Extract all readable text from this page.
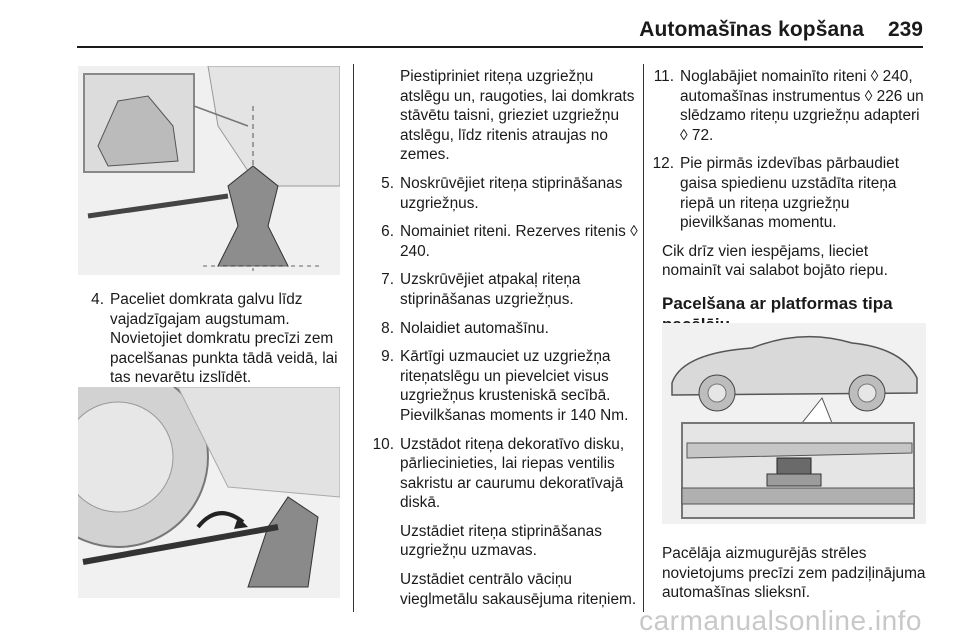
Automašīnas kopšana 239
4. Paceliet domkrata galvu līdz vajadzīgajam augstumam. Novietojiet domkratu precīzi zem pacelšanas punkta tādā veidā, lai tas nevarētu izslīdēt.
Piestipriniet riteņa uzgriežņu atslēgu un, raugoties, lai domkrats stāvētu taisni, grieziet uzgriežņu atslēgu, līdz ritenis atraujas no zemes.
5. Noskrūvējiet riteņa stiprināšanas uzgriežņus.
6. Nomainiet riteni. Rezerves ritenis ◊ 240.
7. Uzskrūvējiet atpakaļ riteņa stiprināšanas uzgriežņus.
8. Nolaidiet automašīnu.
9. Kārtīgi uzmauciet uz uzgriežņa riteņatslēgu un pievelciet visus uzgriežņus krusteniskā secībā. Pievilkšanas moments ir 140 Nm.
10. Uzstādot riteņa dekoratīvo disku, pārliecinieties, lai riepas ventilis sakristu ar caurumu dekoratīvajā diskā.
Uzstādiet riteņa stiprināšanas uzgriežņu uzmavas.
Uzstādiet centrālo vāciņu vieglmetālu sakausējuma riteņiem.
11. Noglabājiet nomainīto riteni ◊ 240, automašīnas instrumentus ◊ 226 un slēdzamo riteņu uzgriežņu adapteri ◊ 72.
12. Pie pirmās izdevības pārbaudiet gaisa spiedienu uzstādīta riteņa riepā un riteņa uzgriežņu pievilkšanas momentu.
Cik drīz vien iespējams, lieciet nomainīt vai salabot bojāto riepu.
Pacelšana ar platformas tipa
Pacēlāja aizmugurējās strēles novietojums precīzi zem padziļinājuma automašīnas slieksnī.
carmanualsonline.info
